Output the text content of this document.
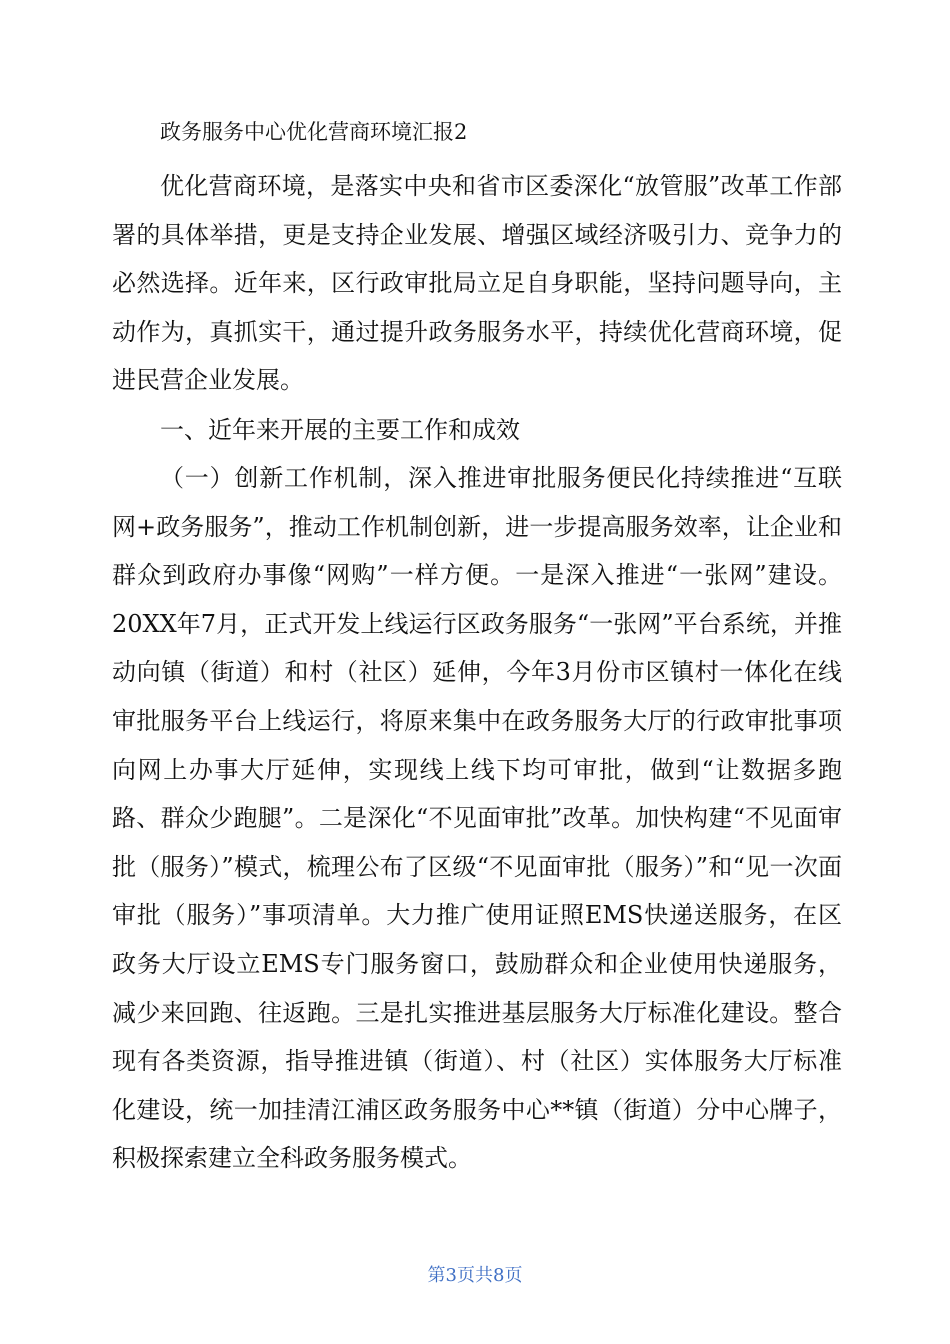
政务服务中心优化营商环境汇报2

优化营商环境，是落实中央和省市区委深化“放管服”改革工作部署的具体举措，更是支持企业发展、增强区域经济吸引力、竞争力的必然选择。近年来，区行政审批局立足自身职能，坚持问题导向，主动作为，真抓实干，通过提升政务服务水平，持续优化营商环境，促进民营企业发展。

一、近年来开展的主要工作和成效

（一）创新工作机制，深入推进审批服务便民化持续推进“互联网+政务服务”，推动工作机制创新，进一步提高服务效率，让企业和群众到政府办事像“网购”一样方便。一是深入推进“一张网”建设。20XX年7月，正式开发上线运行区政务服务“一张网”平台系统，并推动向镇（街道）和村（社区）延伸，今年3月份市区镇村一体化在线审批服务平台上线运行，将原来集中在政务服务大厅的行政审批事项向网上办事大厅延伸，实现线上线下均可审批，做到“让数据多跑路、群众少跑腿”。二是深化“不见面审批”改革。加快构建“不见面审批（服务）”模式，梳理公布了区级“不见面审批（服务）”和“见一次面审批（服务）”事项清单。大力推广使用证照EMS快递送服务，在区政务大厅设立EMS专门服务窗口，鼓励群众和企业使用快递服务，减少来回跑、往返跑。三是扎实推进基层服务大厅标准化建设。整合现有各类资源，指导推进镇（街道）、村（社区）实体服务大厅标准化建设，统一加挂清江浦区政务服务中心**镇（街道）分中心牌子，积极探索建立全科政务服务模式。

第3页共8页
